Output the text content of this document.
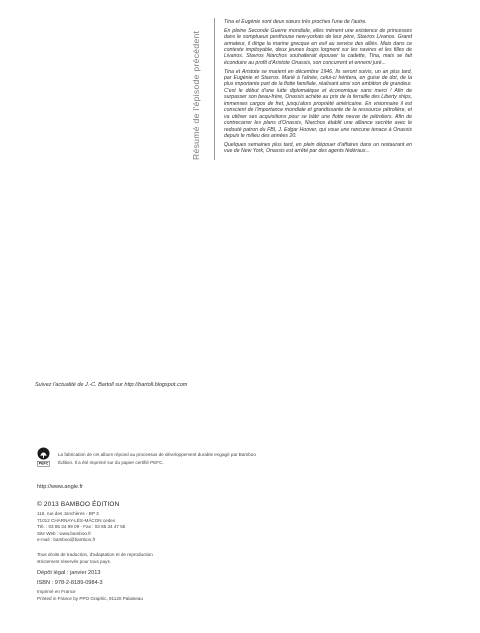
Résumé de l'épisode précédent

Tina et Eugénie sont deux sœurs très proches l'une de l'autre.

En pleine Seconde Guerre mondiale, elles mènent une existence de princesses dans le somptueux penthouse new-yorkais de leur père, Stavros Livanos. Grand armateur, il dirige la marine grecque en exil au service des alliés. Mais dans ce contexte impitoyable, deux jeunes loups lorgnent sur les navires et les filles de Livanos. Stavros Niarchos souhaiterait épouser la cadette, Tina, mais se fait éconduire au profit d'Aristote Onassis, son concurrent et ennemi juré...

Tina et Aristote se marient en décembre 1946. Ils seront suivis, un an plus tard, par Eugénie et Stavros. Marié à l'aînée, celui-ci héritera, en guise de dot, de la plus importante part de la flotte familiale, réalisant ainsi son ambition de grandeur. C'est le début d'une lutte diplomatique et économique sans merci ! Afin de surpasser son beau-frère, Onassis achète au prix de la ferraille des Liberty ships, immenses cargos de fret, jusqu'alors propriété américaine. En visionnaire il est conscient de l'importance mondiale et grandissante de la ressource pétrolière, et va utiliser ses acquisitions pour se bâtir une flotte neuve de pétroliers. Afin de contrecarrer les plans d'Onassis, Niarchos établit une alliance secrète avec le redouté patron du FBI, J. Edgar Hoover, qui voue une rancune tenace à Onassis depuis le milieu des années 20.

Quelques semaines plus tard, en plein dépouer d'affaires dans un restaurant en vue de New York, Onassis est arrêté par des agents fédéraux...

Suivez l'actualité de J.-C. Bartoll sur http://bartoll.blogspot.com
PEFC
La fabrication de cet album répond au processus de développement durable engagé par Bamboo Édition. Il a été imprimé sur du papier certifié PEFC.
http://www.angle.fr
© 2013 BAMBOO ÉDITION
116, rue des Jonchères - BP 3
71012 CHARNAY-LÈS-MÂCON cedex
Tél. : 03 85 34 99 09 - Fax : 03 85 34 47 55
Site Web : www.bamboo.fr
e-mail : bamboo@bamboo.fr
Tous droits de traduction, d'adaptation et de reproduction
strictement réservés pour tous pays.
Dépôt légal : janvier 2013
ISBN : 978-2-8189-0984-3
Imprimé en France
Printed in France by PPO Graphic, 91120 Palaiseau
